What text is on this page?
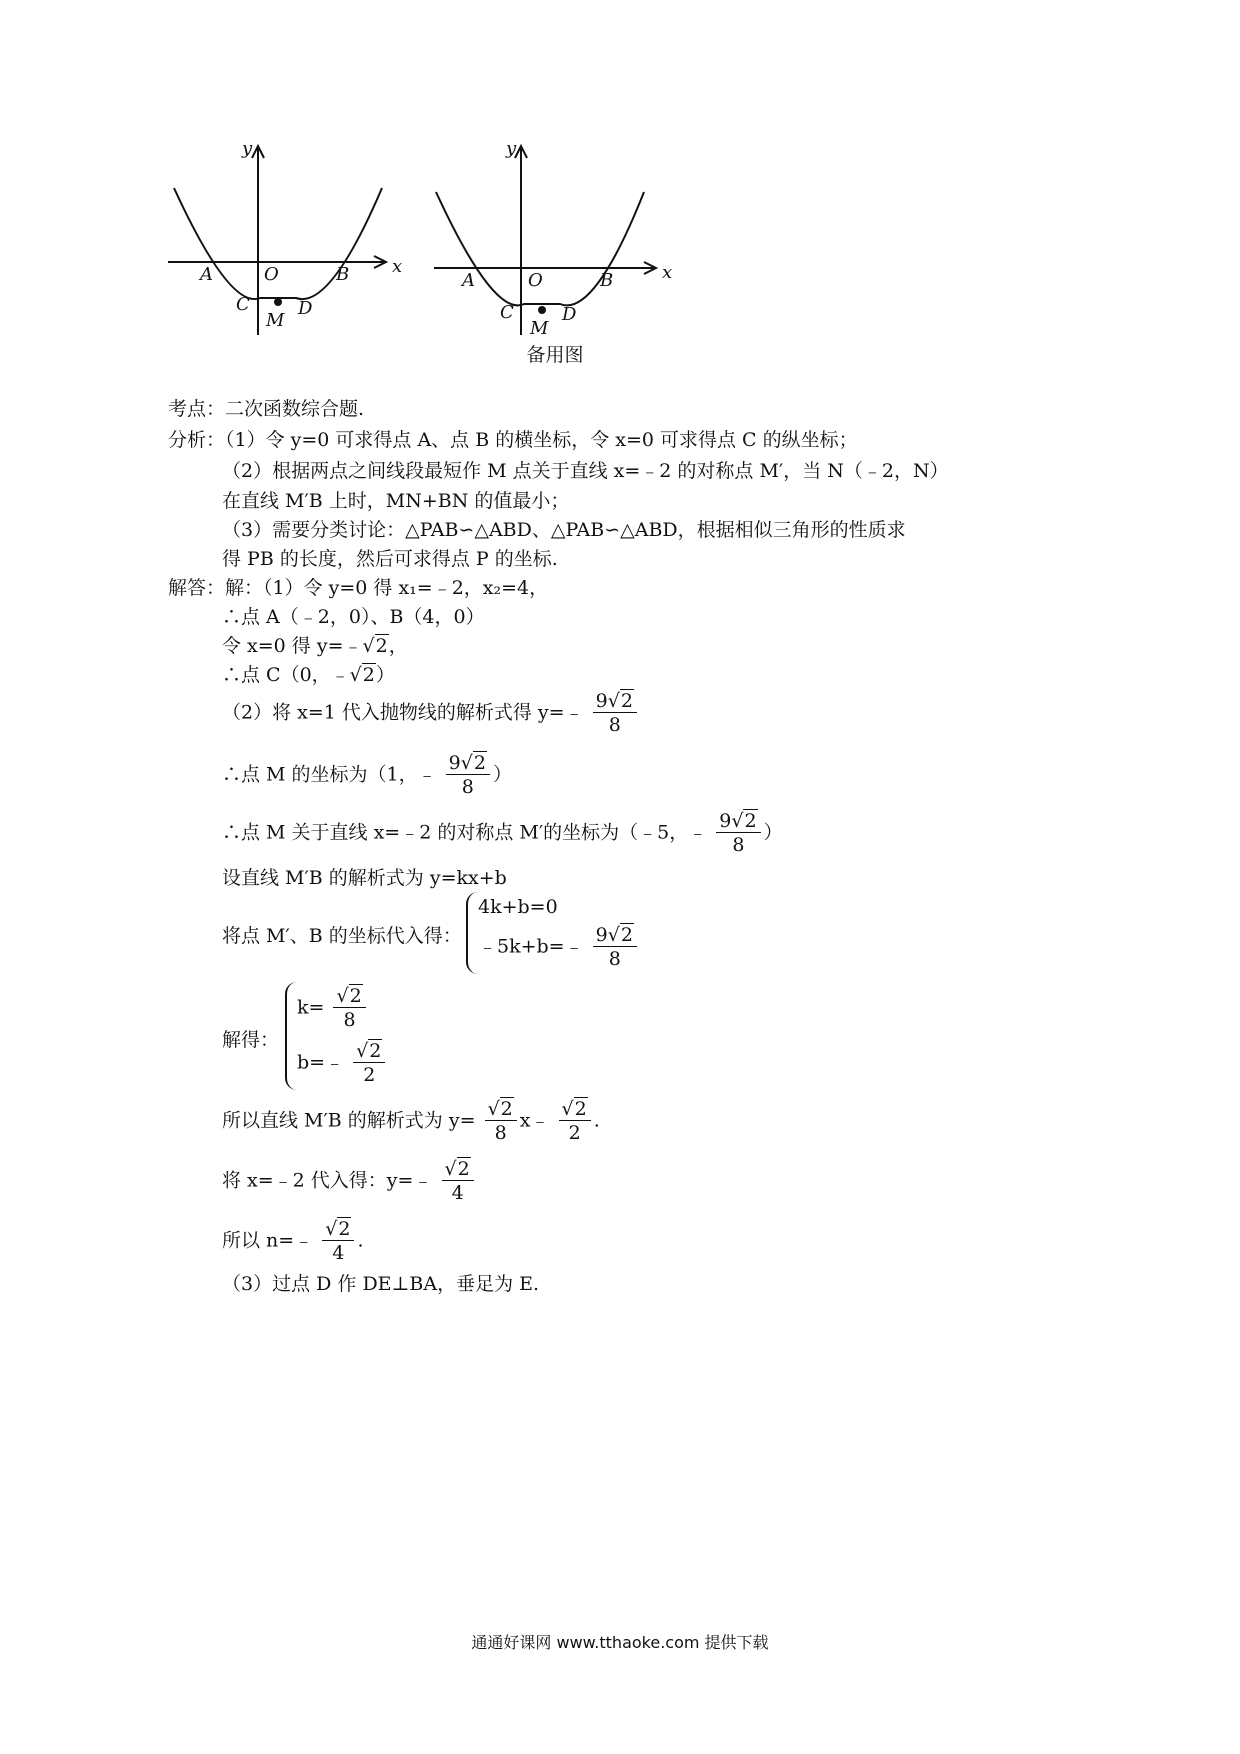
x
y
A	O	B
C	D
M
x
y
A	O	B
C	D
M
备用图
考点：二次函数综合题.
分析：（1）令 y=0 可求得点 A、点 B 的横坐标，令 x=0 可求得点 C 的纵坐标；
（2）根据两点之间线段最短作 M 点关于直线 x=﹣2 的对称点 M′，当 N（﹣2，N）
在直线 M′B 上时，MN+BN 的值最小；
（3）需要分类讨论：△PAB∽△ABD、△PAB∽△ABD，根据相似三角形的性质求
得 PB 的长度，然后可求得点 P 的坐标.
解答：解：（1）令 y=0 得 x₁=﹣2，x₂=4，
∴点 A（﹣2，0）、B（4，0）
令 x=0 得 y=﹣√2，
∴点 C（0，﹣√2）
（2）将 x=1 代入抛物线的解析式得 y=﹣ $\frac{9√2}{8}$
∴点 M 的坐标为（1，﹣ $\frac{9√2}{8}$ ）
∴点 M 关于直线 x=﹣2 的对称点 M′的坐标为（﹣5，﹣ $\frac{9√2}{8}$ ）
设直线 M′B 的解析式为 y=kx+b
将点 M′、B 的坐标代入得：
4k+b=0
﹣5k+b=﹣ $\frac{9√2}{8}$
解得：
$k= \frac{√2}{8}$
b=﹣ $\frac{√2}{2}$
所以直线 M′B 的解析式为 $y= \frac{√2}{8}$ x﹣ $\frac{√2}{2}$ .
将 x=﹣2 代入得：y=﹣ $\frac{√2}{4}$
所以 n=﹣ $\frac{√2}{4}$ .
（3）过点 D 作 DE⊥BA，垂足为 E.
通通好课网 www.tthaoke.com 提供下载
